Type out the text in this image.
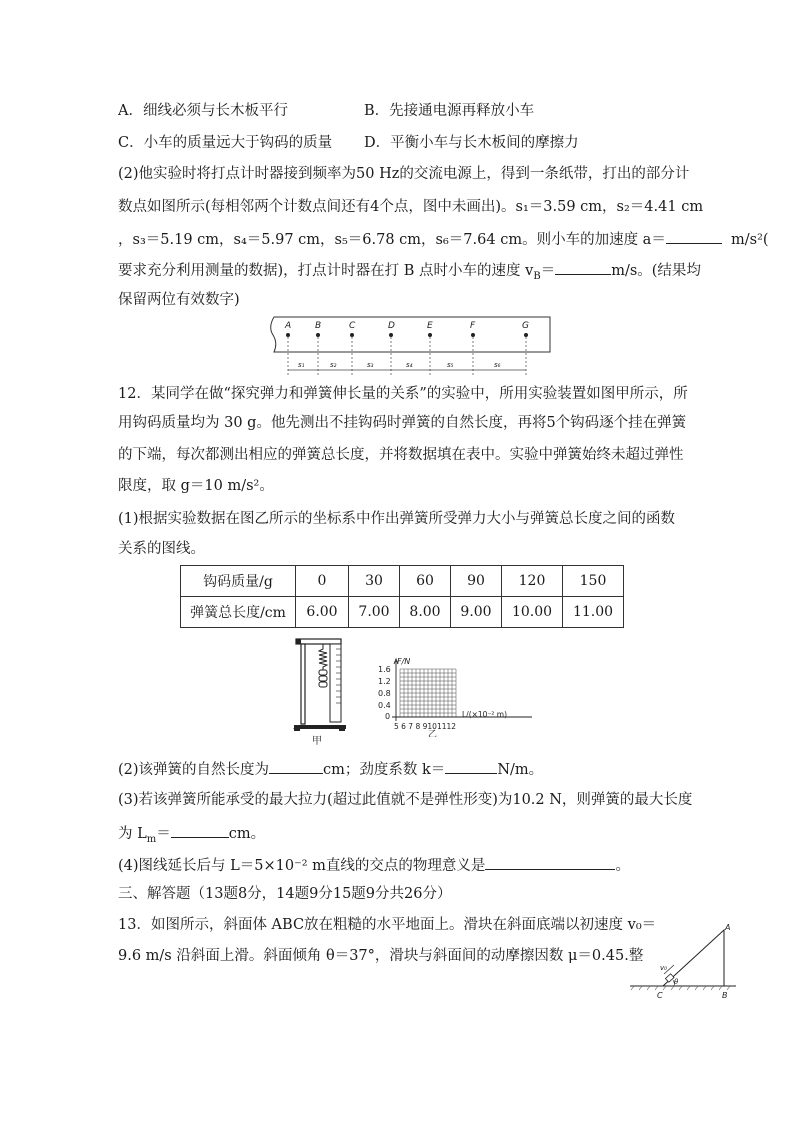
A．细线必须与长木板平行	B．先接通电源再释放小车
C．小车的质量远大于钩码的质量 D．平衡小车与长木板间的摩擦力
(2)他实验时将打点计时器接到频率为50 Hz的交流电源上，得到一条纸带，打出的部分计
数点如图所示(每相邻两个计数点间还有4个点，图中未画出)。s₁＝3.59 cm，s₂＝4.41 cm
，s₃＝5.19 cm，s₄＝5.97 cm，s₅＝6.78 cm，s₆＝7.64 cm。则小车的加速度 a＝	m/s²(
要求充分利用测量的数据)，打点计时器在打 B 点时小车的速度 $v_B=$	m/s。(结果均
保留两位有效数字)
A	B	C	D	E	F	G
s₁	s₂	s₃	s₄	s₅	s₆
12．某同学在做“探究弹力和弹簧伸长量的关系”的实验中，所用实验装置如图甲所示，所
用钩码质量均为 30 g。他先测出不挂钩码时弹簧的自然长度，再将5个钩码逐个挂在弹簧
的下端，每次都测出相应的弹簧总长度，并将数据填在表中。实验中弹簧始终未超过弹性
限度，取 g＝10 m/s²。
(1)根据实验数据在图乙所示的坐标系中作出弹簧所受弹力大小与弹簧总长度之间的函数
关系的图线。
钩码质量/g	0	30	60	90	120	150
弹簧总长度/cm	6.00	7.00	8.00	9.00	10.00	11.00
甲
F/N
1.6
1.2
0.8
0.4
0	L/(×10⁻² m)
5 6 7 8 9101112
乙
(2)该弹簧的自然长度为	cm；劲度系数 k＝	N/m。
(3)若该弹簧所能承受的最大拉力(超过此值就不是弹性形变)为10.2 N，则弹簧的最大长度
为 $L_m=$	cm。
(4)图线延长后与 L＝5×10⁻² m直线的交点的物理意义是	。
三、解答题（13题8分，14题9分15题9分共26分）
13．如图所示，斜面体 ABC放在粗糙的水平地面上。滑块在斜面底端以初速度 v₀＝
9.6 m/s 沿斜面上滑。斜面倾角 θ＝37°，滑块与斜面间的动摩擦因数 μ＝0.45.整
A
B
C
v₀
θ
